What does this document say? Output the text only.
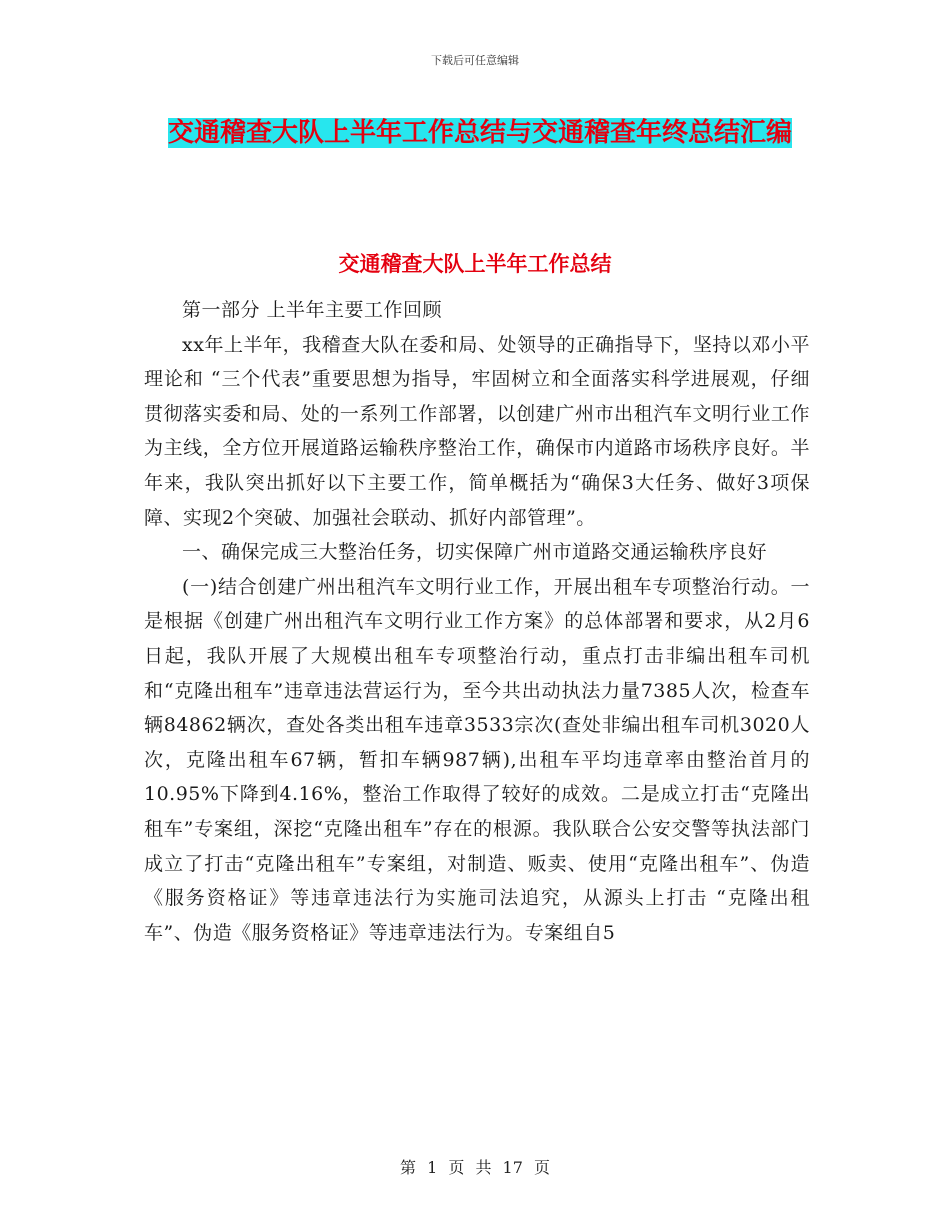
下载后可任意编辑
交通稽查大队上半年工作总结与交通稽查年终总结汇编
交通稽查大队上半年工作总结

第一部分 上半年主要工作回顾

xx年上半年，我稽查大队在委和局、处领导的正确指导下，坚持以邓小平理论和 “三个代表”重要思想为指导，牢固树立和全面落实科学进展观，仔细贯彻落实委和局、处的一系列工作部署，以创建广州市出租汽车文明行业工作为主线，全方位开展道路运输秩序整治工作，确保市内道路市场秩序良好。半年来，我队突出抓好以下主要工作，简单概括为“确保3大任务、做好3项保障、实现2个突破、加强社会联动、抓好内部管理”。

一、确保完成三大整治任务，切实保障广州市道路交通运输秩序良好

(一)结合创建广州出租汽车文明行业工作，开展出租车专项整治行动。一是根据《创建广州出租汽车文明行业工作方案》的总体部署和要求，从2月6日起，我队开展了大规模出租车专项整治行动，重点打击非编出租车司机和“克隆出租车”违章违法营运行为，至今共出动执法力量7385人次，检查车辆84862辆次，查处各类出租车违章3533宗次(查处非编出租车司机3020人次，克隆出租车67辆，暂扣车辆987辆),出租车平均违章率由整治首月的 10.95%下降到4.16%，整治工作取得了较好的成效。二是成立打击“克隆出租车”专案组，深挖“克隆出租车”存在的根源。我队联合公安交警等执法部门成立了打击“克隆出租车”专案组，对制造、贩卖、使用“克隆出租车”、伪造《服务资格证》等违章违法行为实施司法追究，从源头上打击 “克隆出租车”、伪造《服务资格证》等违章违法行为。专案组自5

第 1 页 共 17 页
